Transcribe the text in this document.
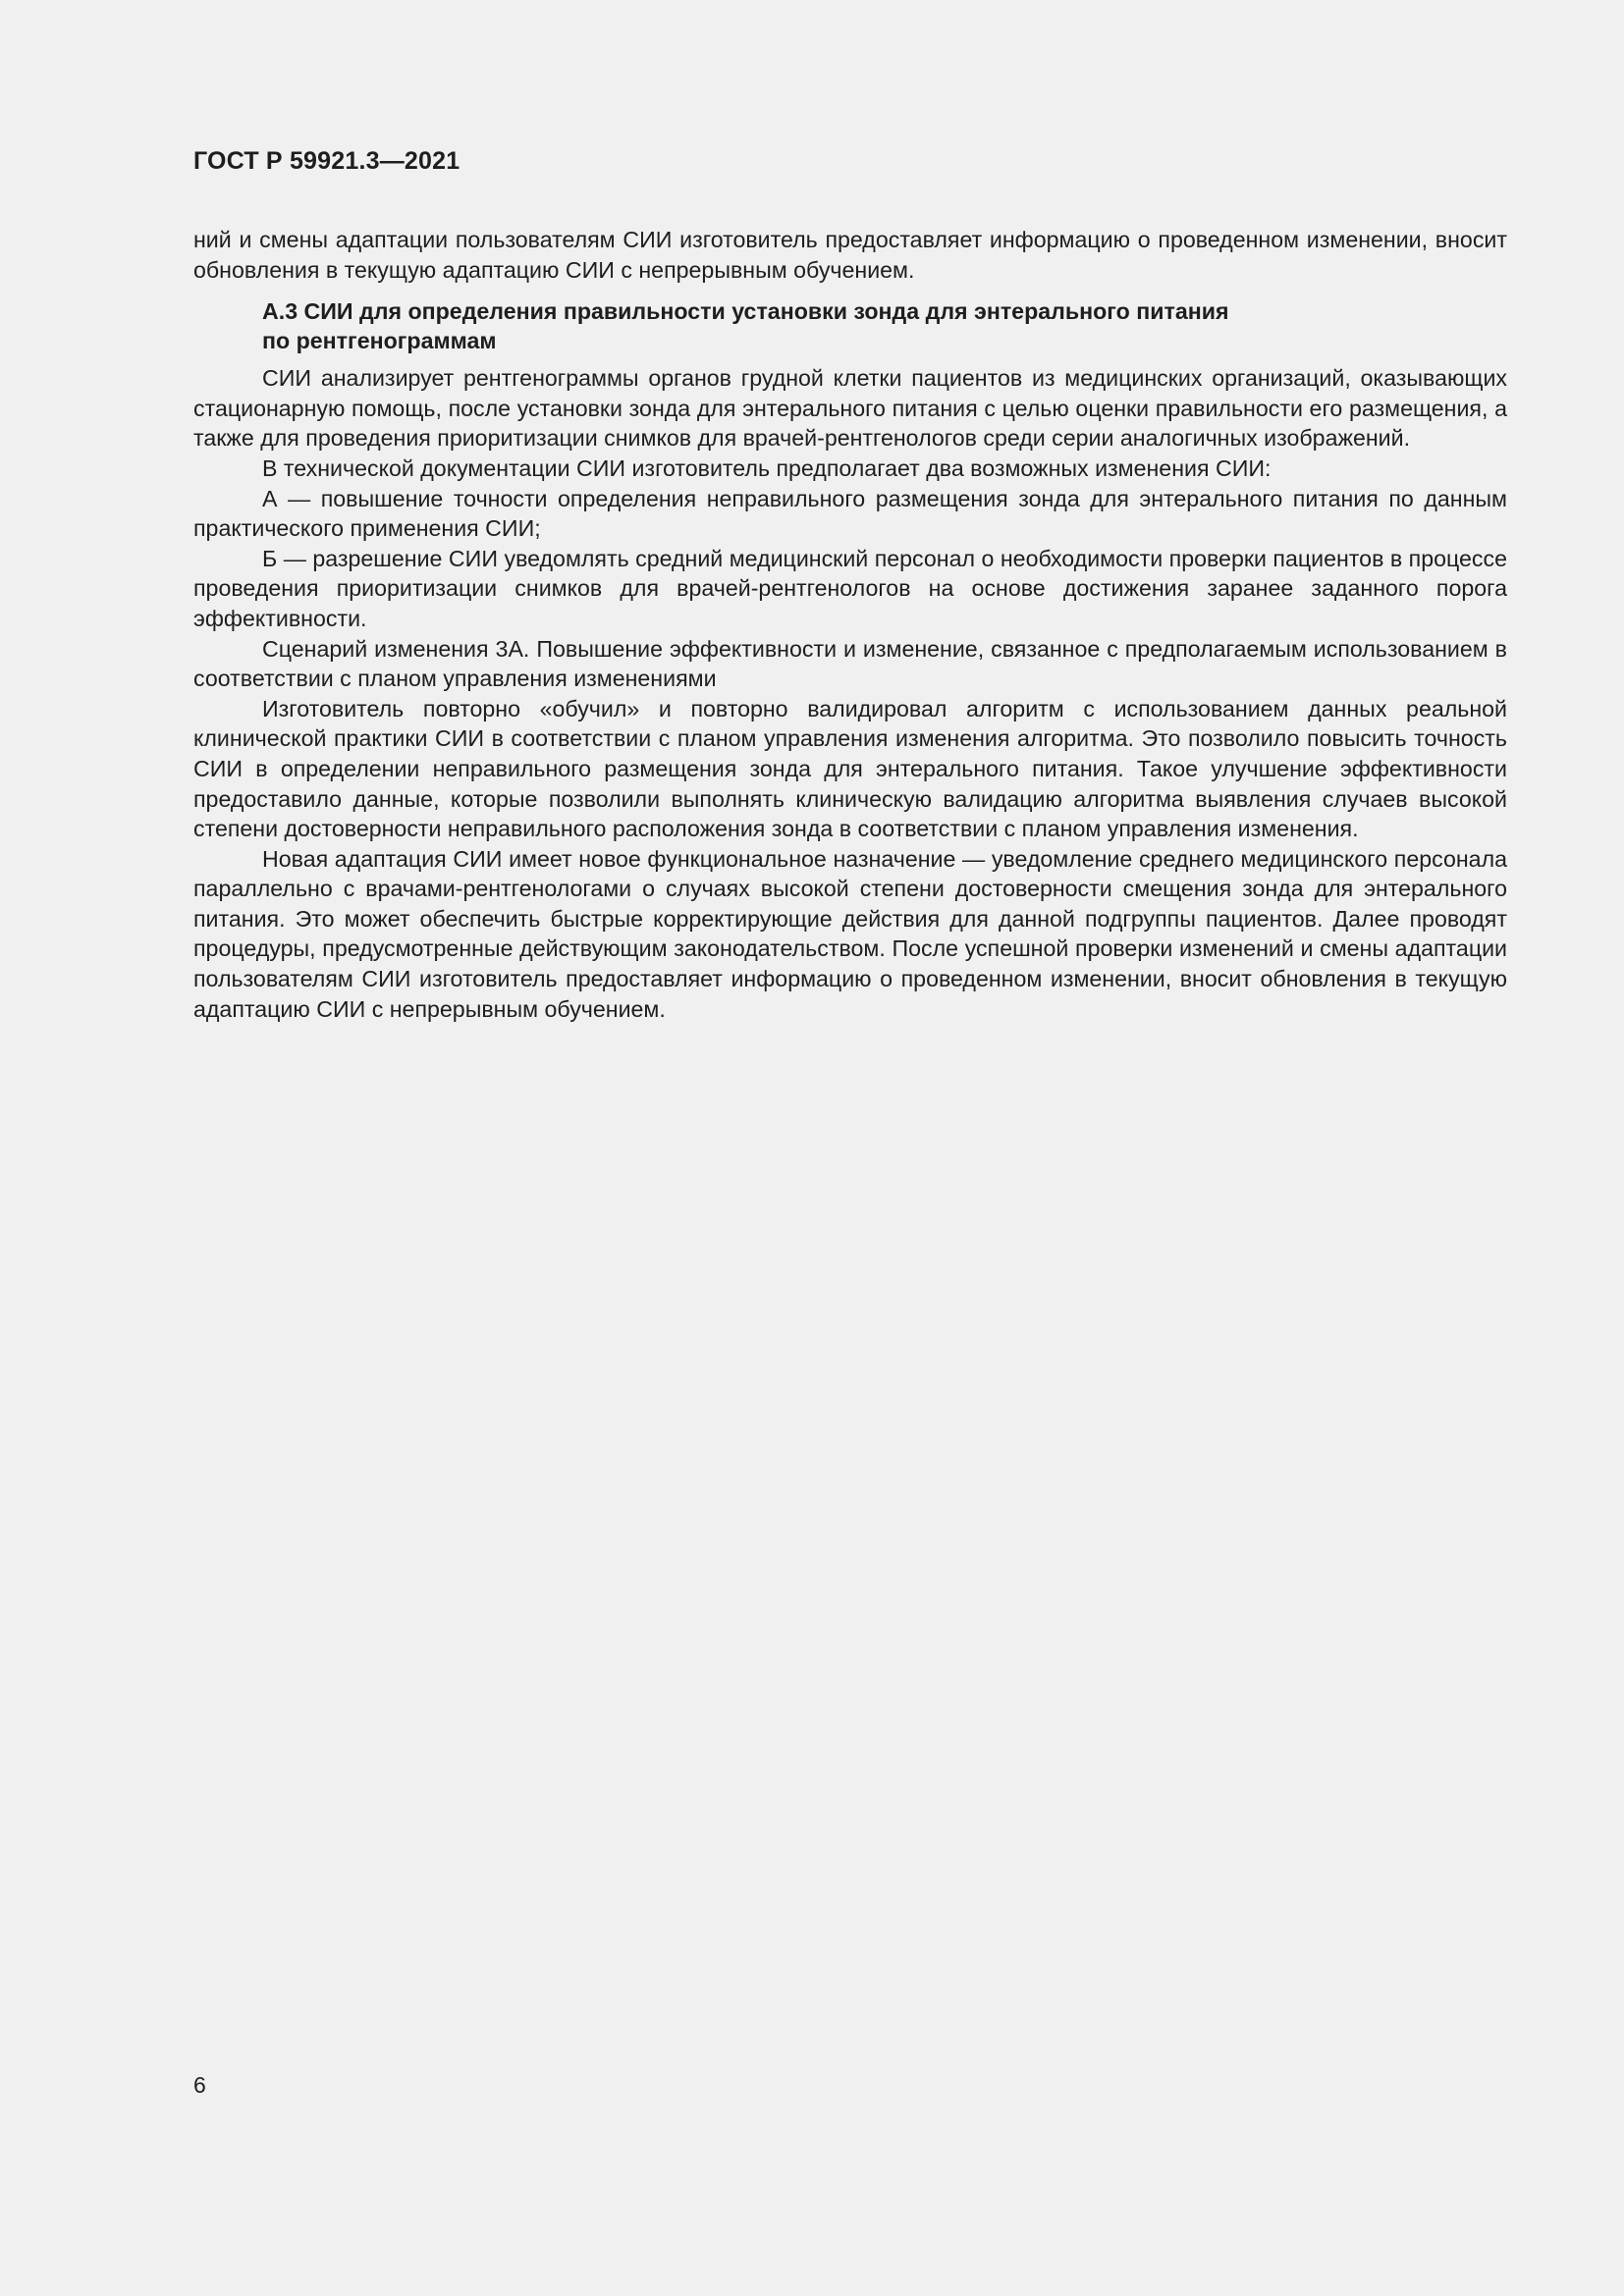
ГОСТ Р 59921.3—2021

ний и смены адаптации пользователям СИИ изготовитель предоставляет информацию о проведенном изменении, вносит обновления в текущую адаптацию СИИ с непрерывным обучением.

А.3 СИИ для определения правильности установки зонда для энтерального питания
по рентгенограммам

СИИ анализирует рентгенограммы органов грудной клетки пациентов из медицинских организаций, оказывающих стационарную помощь, после установки зонда для энтерального питания с целью оценки правильности его размещения, а также для проведения приоритизации снимков для врачей-рентгенологов среди серии аналогичных изображений.

В технической документации СИИ изготовитель предполагает два возможных изменения СИИ:

А — повышение точности определения неправильного размещения зонда для энтерального питания по данным практического применения СИИ;

Б — разрешение СИИ уведомлять средний медицинский персонал о необходимости проверки пациентов в процессе проведения приоритизации снимков для врачей-рентгенологов на основе достижения заранее заданного порога эффективности.

Сценарий изменения 3А. Повышение эффективности и изменение, связанное с предполагаемым использованием в соответствии с планом управления изменениями

Изготовитель повторно «обучил» и повторно валидировал алгоритм с использованием данных реальной клинической практики СИИ в соответствии с планом управления изменения алгоритма. Это позволило повысить точность СИИ в определении неправильного размещения зонда для энтерального питания. Такое улучшение эффективности предоставило данные, которые позволили выполнять клиническую валидацию алгоритма выявления случаев высокой степени достоверности неправильного расположения зонда в соответствии с планом управления изменения.

Новая адаптация СИИ имеет новое функциональное назначение — уведомление среднего медицинского персонала параллельно с врачами-рентгенологами о случаях высокой степени достоверности смещения зонда для энтерального питания. Это может обеспечить быстрые корректирующие действия для данной подгруппы пациентов. Далее проводят процедуры, предусмотренные действующим законодательством. После успешной проверки изменений и смены адаптации пользователям СИИ изготовитель предоставляет информацию о проведенном изменении, вносит обновления в текущую адаптацию СИИ с непрерывным обучением.

6
